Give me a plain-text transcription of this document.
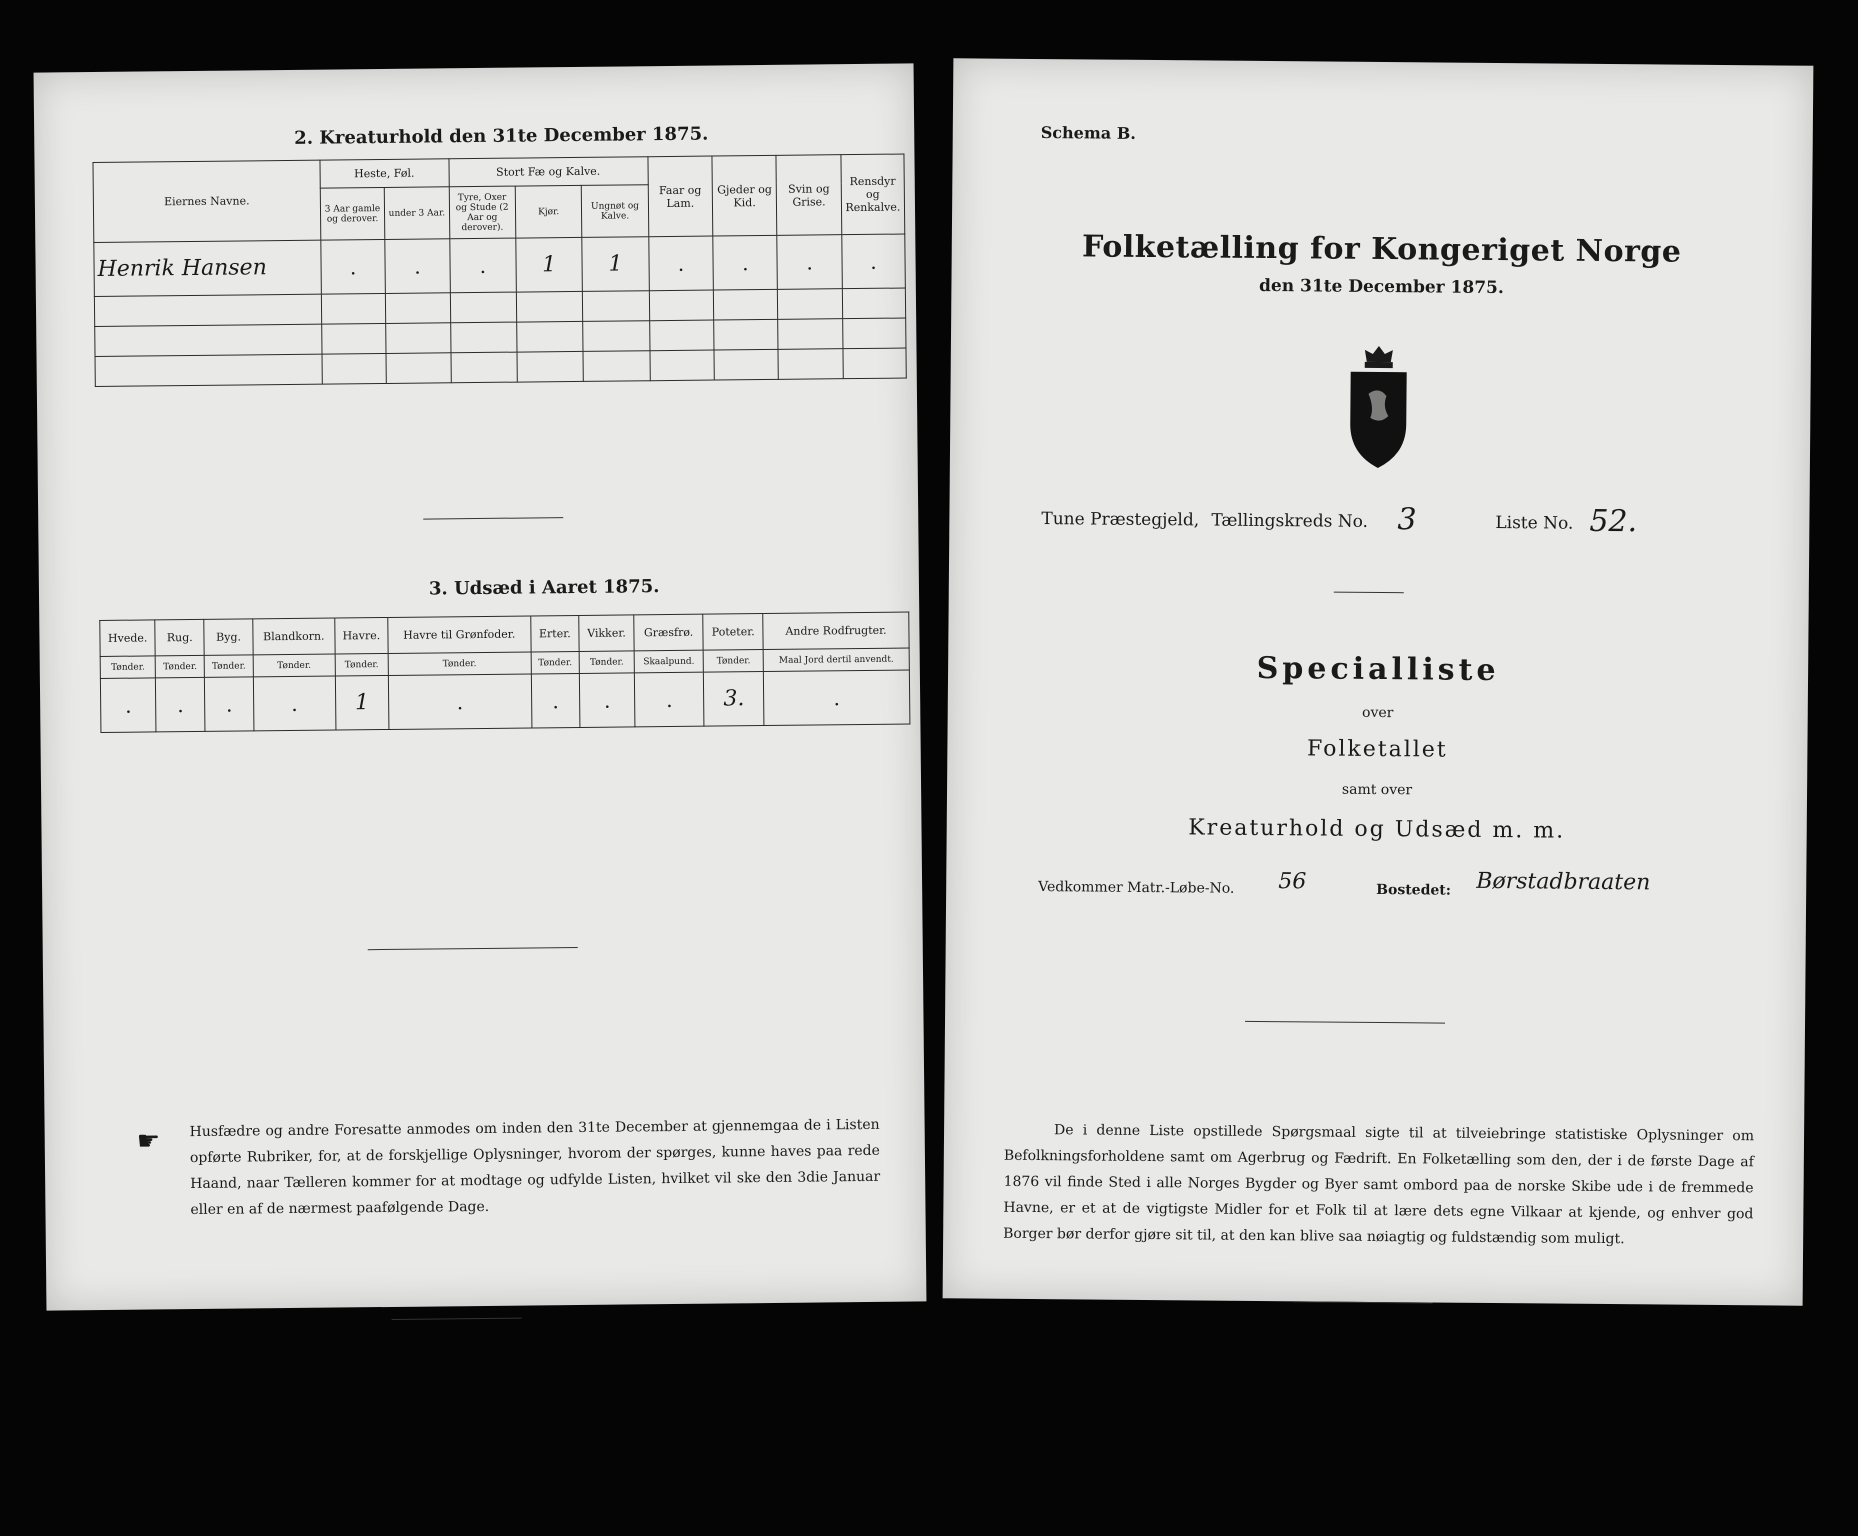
2. Kreaturhold den 31te December 1875.
Eiernes Navne.	Heste, Føl.		Stort Fæ og Kalve.			Faar og Lam.	Gjeder og Kid.	Svin og Grise.	Rensdyr og Renkalve.
	3 Aar gamle og derover.	under 3 Aar.	Tyre, Oxer og Stude (2 Aar og derover).	Kjør.	Ungnøt og Kalve.				
Henrik Hansen	.	.	.	1	1	.	.	.	.

3. Udsæd i Aaret 1875.
Hvede.	Rug.	Byg.	Blandkorn.	Havre.	Havre til Grønfoder.	Erter.	Vikker.	Græsfrø.	Poteter.	Andre Rodfrugter.
Tønder.	Tønder.	Tønder.	Tønder.	Tønder.	Tønder.	Tønder.	Tønder.	Skaalpund.	Tønder.	Maal Jord dertil anvendt.
.	.	.	.	1	.	.	.	.	3.	.
☛ Husfædre og andre Foresatte anmodes om inden den 31te December at gjennemgaa de i Listen opførte Rubriker, for, at de forskjellige Oplysninger, hvorom der spørges, kunne haves paa rede Haand, naar Tælleren kommer for at modtage og udfylde Listen, hvilket vil ske den 3die Januar eller en af de nærmest paafølgende Dage.
Schema B.
Folketælling for Kongeriget Norge
den 31te December 1875.
Tune Præstegjeld, Tællingskreds No. 3	Liste No. 52.
Specialliste
over
Folketallet
samt over
Kreaturhold og Udsæd m. m.
Vedkommer Matr.-Løbe-No. 56	Bostedet: Børstadbraaten
De i denne Liste opstillede Spørgsmaal sigte til at tilveiebringe statistiske Oplysninger om Befolkningsforholdene samt om Agerbrug og Fædrift. En Folketælling som den, der i de første Dage af 1876 vil finde Sted i alle Norges Bygder og Byer samt ombord paa de norske Skibe ude i de fremmede Havne, er et at de vigtigste Midler for et Folk til at lære dets egne Vilkaar at kjende, og enhver god Borger bør derfor gjøre sit til, at den kan blive saa nøiagtig og fuldstændig som muligt.
